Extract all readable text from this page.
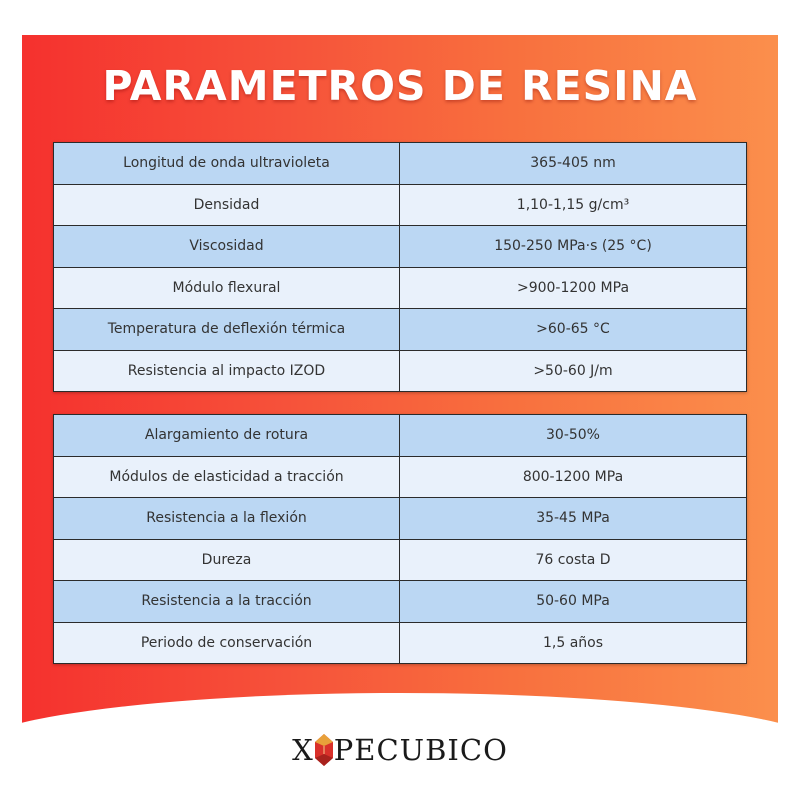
PARAMETROS DE RESINA
Longitud de onda ultravioleta	365-405 nm
Densidad	1,10-1,15 g/cm³
Viscosidad	150-250 MPa·s (25 °C)
Módulo flexural	>900-1200 MPa
Temperatura de deflexión térmica	>60-65 °C
Resistencia al impacto IZOD	>50-60 J/m
Alargamiento de rotura	30-50%
Módulos de elasticidad a tracción	800-1200 MPa
Resistencia a la flexión	35-45 MPa
Dureza	76 costa D
Resistencia a la tracción	50-60 MPa
Periodo de conservación	1,5 años
X PECUBICO
